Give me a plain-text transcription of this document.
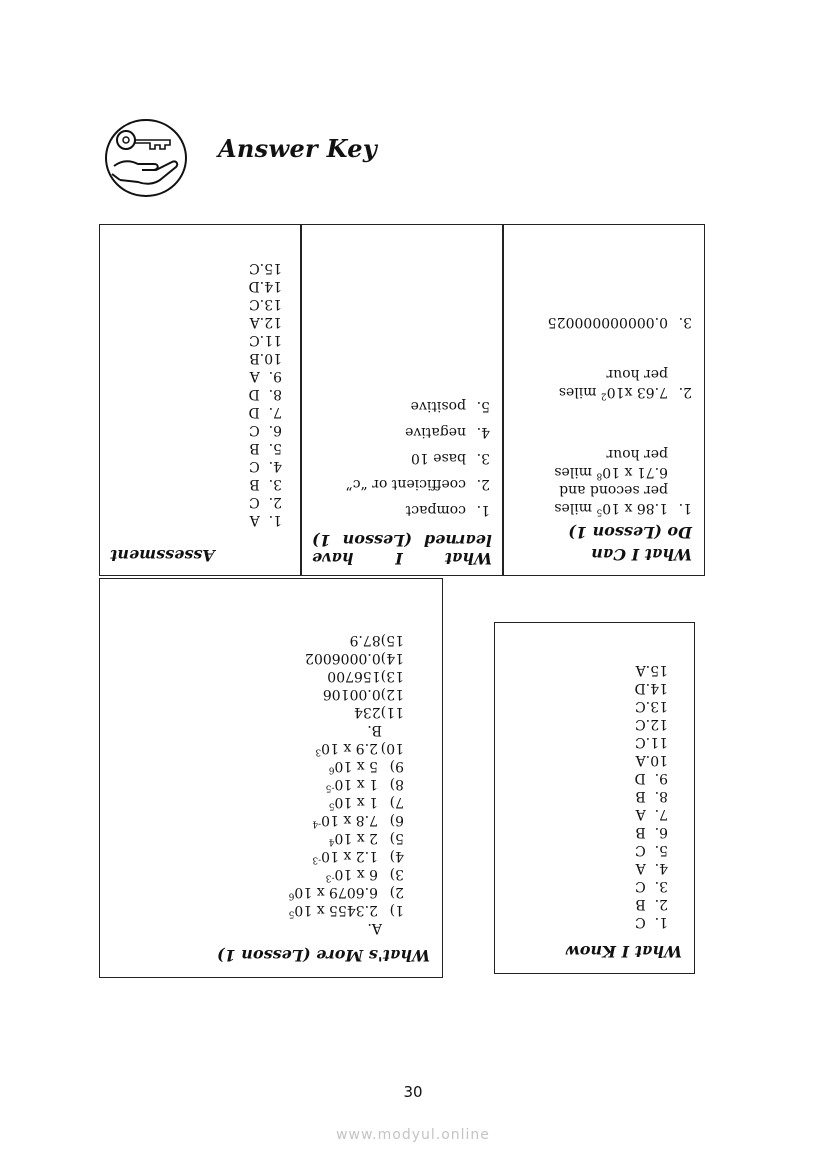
Answer Key
Assessment
1.  A
2.  C
3.  B
4.  C
5.  B
6.  C
7.  D
8.  D
9.  A
10.B
11.C
12.A
13.C
14.D
15.C
What I have learned (Lesson 1)
1.compact
2.coefficient or “c”
3.base 10
4.negative
5.positive
What I Can Do (Lesson 1)
1.1.86 x $10^5$ miles
per second and
6.71 x $10^8$ miles
per hour
2.7.63 $x10^2$ miles
per hour
3.0.000000000025
What's More (Lesson 1)
A.
1)2.3455 x $10^5$
2)6.6079 x $10^6$
3)6 x $10^{-3}$
4)1.2 x $10^{-3}$
5)2 x $10^4$
6)7.8 x $10^{-4}$
7)1 x $10^5$
8)1 x $10^{-5}$
9)5 x $10^6$
10)2.9 x $10^3$
B.
11)234
12)0.00106
13)156700
14)0.0006002
15)87.9
What I Know
1.  C
2.  B
3.  C
4.  A
5.  C
6.  B
7.  A
8.  B
9.  D
10.A
11.C
12.C
13.C
14.D
15.A
30
www.modyul.online
